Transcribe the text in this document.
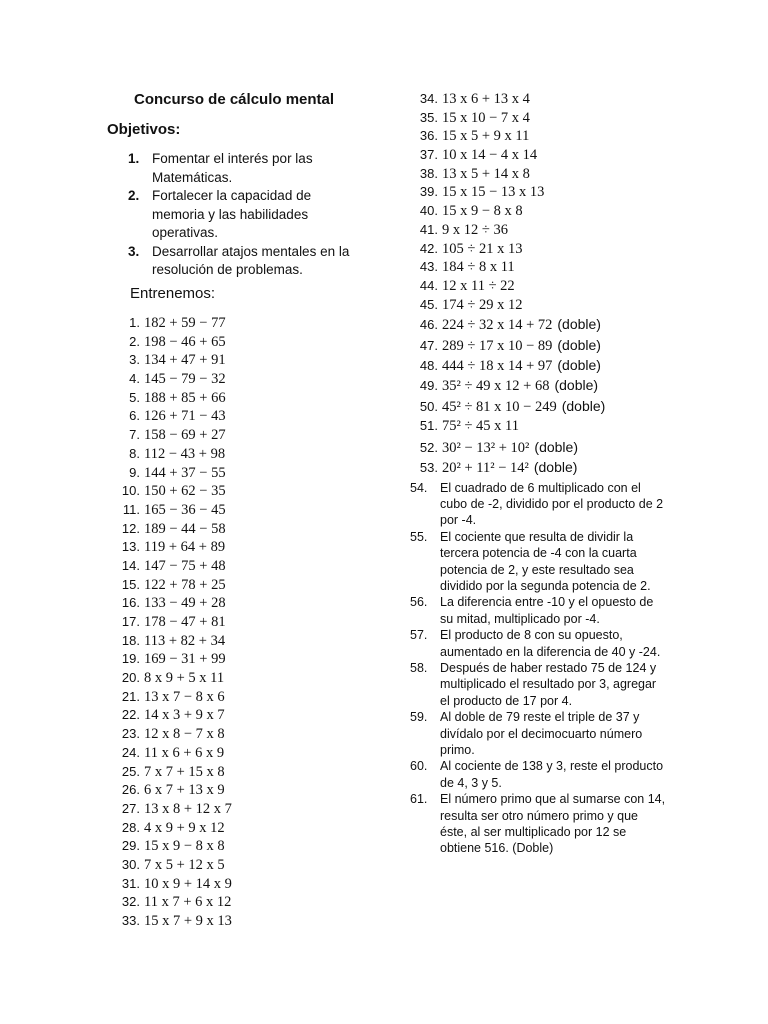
Concurso de cálculo mental
Objetivos:
1. Fomentar el interés por las Matemáticas.
2. Fortalecer la capacidad de memoria y las habilidades operativas.
3. Desarrollar atajos mentales en la resolución de problemas.
Entrenemos:
1. 182 + 59 − 77
2. 198 − 46 + 65
3. 134 + 47 + 91
4. 145 − 79 − 32
5. 188 + 85 + 66
6. 126 + 71 − 43
7. 158 − 69 + 27
8. 112 − 43 + 98
9. 144 + 37 − 55
10. 150 + 62 − 35
11. 165 − 36 − 45
12. 189 − 44 − 58
13. 119 + 64 + 89
14. 147 − 75 + 48
15. 122 + 78 + 25
16. 133 − 49 + 28
17. 178 − 47 + 81
18. 113 + 82 + 34
19. 169 − 31 + 99
20. 8 x 9 + 5 x 11
21. 13 x 7 − 8 x 6
22. 14 x 3 + 9 x 7
23. 12 x 8 − 7 x 8
24. 11 x 6 + 6 x 9
25. 7 x 7 + 15 x 8
26. 6 x 7 + 13 x 9
27. 13 x 8 + 12 x 7
28. 4 x 9 + 9 x 12
29. 15 x 9 − 8 x 8
30. 7 x 5 + 12 x 5
31. 10 x 9 + 14 x 9
32. 11 x 7 + 6 x 12
33. 15 x 7 + 9 x 13
34. 13 x 6 + 13 x 4
35. 15 x 10 − 7 x 4
36. 15 x 5 + 9 x 11
37. 10 x 14 − 4 x 14
38. 13 x 5 + 14 x 8
39. 15 x 15 − 13 x 13
40. 15 x 9 − 8 x 8
41. 9 x 12 ÷ 36
42. 105 ÷ 21 x 13
43. 184 ÷ 8 x 11
44. 12 x 11 ÷ 22
45. 174 ÷ 29 x 12
46. 224 ÷ 32 x 14 + 72 (doble)
47. 289 ÷ 17 x 10 − 89 (doble)
48. 444 ÷ 18 x 14 + 97 (doble)
49. 35² ÷ 49 x 12 + 68 (doble)
50. 45² ÷ 81 x 10 − 249 (doble)
51. 75² ÷ 45 x 11
52. 30² − 13² + 10² (doble)
53. 20² + 11² − 14² (doble)
54.	El cuadrado de 6 multiplicado con el cubo de -2, dividido por el producto de 2 por -4.
55.	El cociente que resulta de dividir la tercera potencia de -4 con la cuarta potencia de 2, y este resultado sea dividido por la segunda potencia de 2.
56.	La diferencia entre -10 y el opuesto de su mitad, multiplicado por -4.
57.	El producto de 8 con su opuesto, aumentado en la diferencia de 40 y -24.
58.	Después de haber restado 75 de 124 y multiplicado el resultado por 3, agregar el producto de 17 por 4.
59.	Al doble de 79 reste el triple de 37 y divídalo por el decimocuarto número primo.
60.	Al cociente de 138 y 3, reste el producto de 4, 3 y 5.
61.	El número primo que al sumarse con 14, resulta ser otro número primo y que éste, al ser multiplicado por 12 se obtiene 516. (Doble)
